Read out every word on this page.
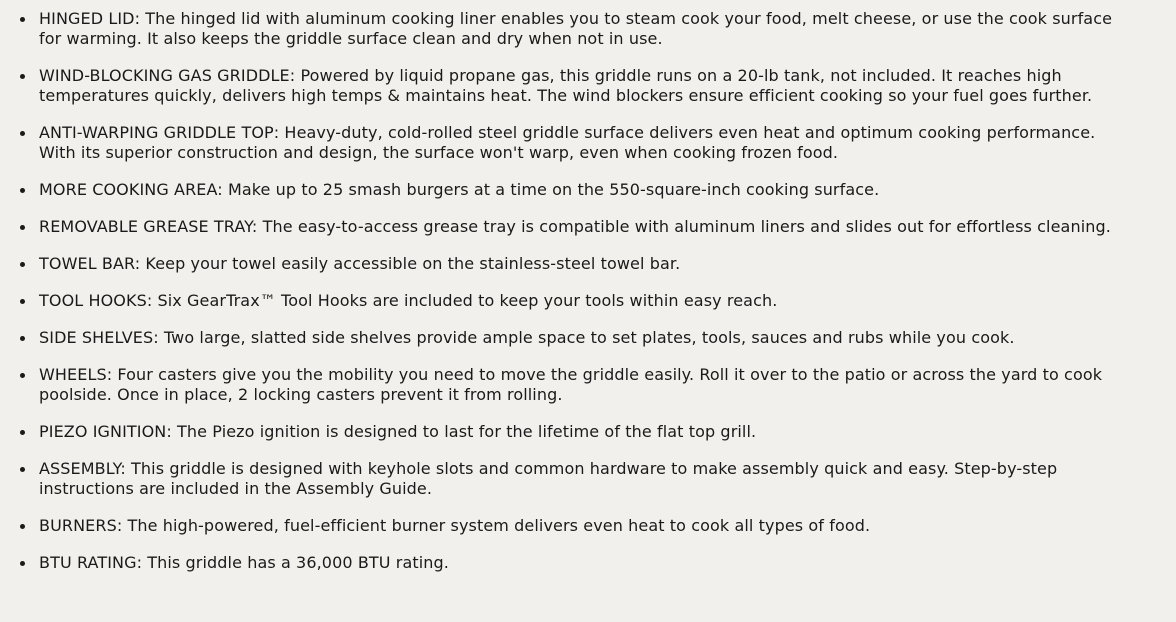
HINGED LID: The hinged lid with aluminum cooking liner enables you to steam cook your food, melt cheese, or use the cook surface for warming. It also keeps the griddle surface clean and dry when not in use.
WIND-BLOCKING GAS GRIDDLE: Powered by liquid propane gas, this griddle runs on a 20-lb tank, not included. It reaches high temperatures quickly, delivers high temps & maintains heat. The wind blockers ensure efficient cooking so your fuel goes further.
ANTI-WARPING GRIDDLE TOP: Heavy-duty, cold-rolled steel griddle surface delivers even heat and optimum cooking performance. With its superior construction and design, the surface won't warp, even when cooking frozen food.
MORE COOKING AREA: Make up to 25 smash burgers at a time on the 550-square-inch cooking surface.
REMOVABLE GREASE TRAY: The easy-to-access grease tray is compatible with aluminum liners and slides out for effortless cleaning.
TOWEL BAR: Keep your towel easily accessible on the stainless-steel towel bar.
TOOL HOOKS: Six GearTrax™ Tool Hooks are included to keep your tools within easy reach.
SIDE SHELVES: Two large, slatted side shelves provide ample space to set plates, tools, sauces and rubs while you cook.
WHEELS: Four casters give you the mobility you need to move the griddle easily. Roll it over to the patio or across the yard to cook poolside. Once in place, 2 locking casters prevent it from rolling.
PIEZO IGNITION: The Piezo ignition is designed to last for the lifetime of the flat top grill.
ASSEMBLY: This griddle is designed with keyhole slots and common hardware to make assembly quick and easy. Step-by-step instructions are included in the Assembly Guide.
BURNERS: The high-powered, fuel-efficient burner system delivers even heat to cook all types of food.
BTU RATING: This griddle has a 36,000 BTU rating.
